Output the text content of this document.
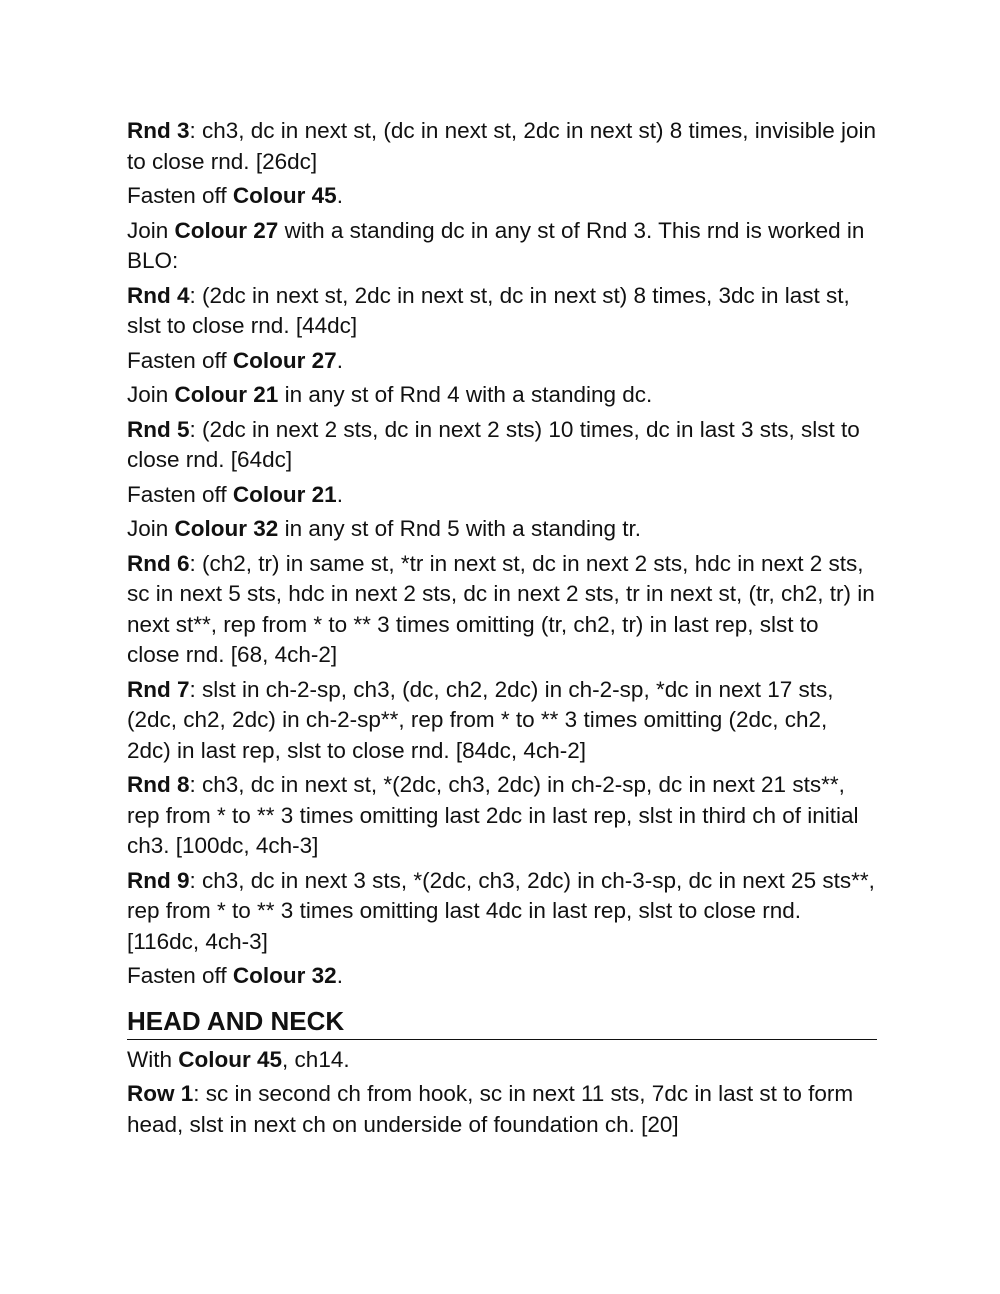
Rnd 3: ch3, dc in next st, (dc in next st, 2dc in next st) 8 times, invisible join to close rnd. [26dc]

Fasten off Colour 45.

Join Colour 27 with a standing dc in any st of Rnd 3. This rnd is worked in BLO:

Rnd 4: (2dc in next st, 2dc in next st, dc in next st) 8 times, 3dc in last st, slst to close rnd. [44dc]

Fasten off Colour 27.

Join Colour 21 in any st of Rnd 4 with a standing dc.

Rnd 5: (2dc in next 2 sts, dc in next 2 sts) 10 times, dc in last 3 sts, slst to close rnd. [64dc]

Fasten off Colour 21.

Join Colour 32 in any st of Rnd 5 with a standing tr.

Rnd 6: (ch2, tr) in same st, *tr in next st, dc in next 2 sts, hdc in next 2 sts, sc in next 5 sts, hdc in next 2 sts, dc in next 2 sts, tr in next st, (tr, ch2, tr) in next st**, rep from * to ** 3 times omitting (tr, ch2, tr) in last rep, slst to close rnd. [68, 4ch-2]

Rnd 7: slst in ch-2-sp, ch3, (dc, ch2, 2dc) in ch-2-sp, *dc in next 17 sts, (2dc, ch2, 2dc) in ch-2-sp**, rep from * to ** 3 times omitting (2dc, ch2, 2dc) in last rep, slst to close rnd. [84dc, 4ch-2]

Rnd 8: ch3, dc in next st, *(2dc, ch3, 2dc) in ch-2-sp, dc in next 21 sts**, rep from * to ** 3 times omitting last 2dc in last rep, slst in third ch of initial ch3. [100dc, 4ch-3]

Rnd 9: ch3, dc in next 3 sts, *(2dc, ch3, 2dc) in ch-3-sp, dc in next 25 sts**, rep from * to ** 3 times omitting last 4dc in last rep, slst to close rnd. [116dc, 4ch-3]

Fasten off Colour 32.

HEAD AND NECK

With Colour 45, ch14.

Row 1: sc in second ch from hook, sc in next 11 sts, 7dc in last st to form head, slst in next ch on underside of foundation ch. [20]
